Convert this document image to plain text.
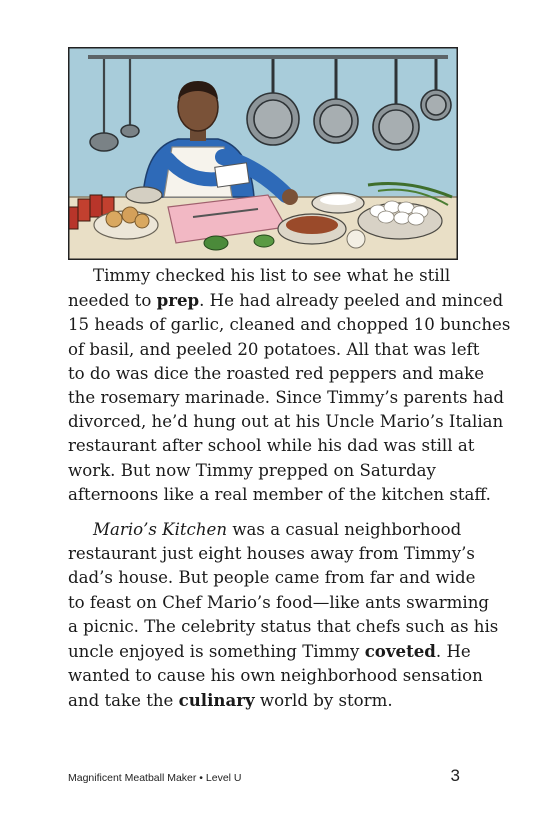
Timmy checked his list to see what he still
needed to prep. He had already peeled and minced
15 heads of garlic, cleaned and chopped 10 bunches
of basil, and peeled 20 potatoes. All that was left
to do was dice the roasted red peppers and make
the rosemary marinade. Since Timmy’s parents had
divorced, he’d hung out at his Uncle Mario’s Italian
restaurant after school while his dad was still at
work. But now Timmy prepped on Saturday
afternoons like a real member of the kitchen staff.

Mario’s Kitchen was a casual neighborhood
restaurant just eight houses away from Timmy’s
dad’s house. But people came from far and wide
to feast on Chef Mario’s food—like ants swarming
a picnic. The celebrity status that chefs such as his
uncle enjoyed is something Timmy coveted. He
wanted to cause his own neighborhood sensation
and take the culinary world by storm.

Magnificent Meatball Maker • Level U	3
